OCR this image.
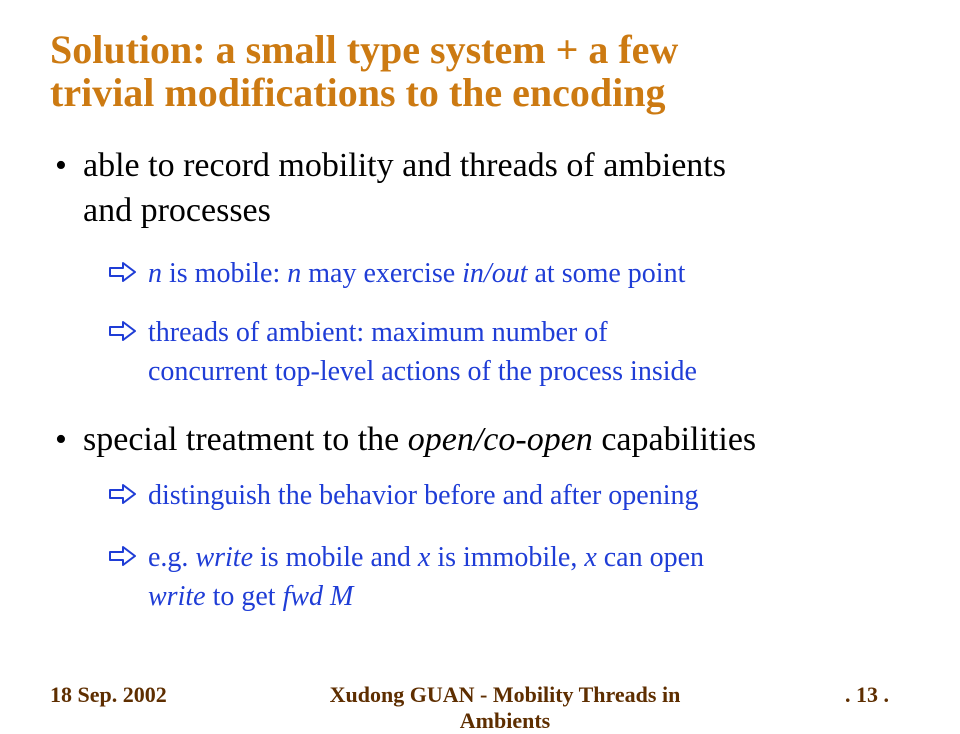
Solution: a small type system + a few
trivial modifications to the encoding
• able to record mobility and threads of ambients
and processes
n is mobile: n may exercise in/out at some point
threads of ambient: maximum number of
concurrent top-level actions of the process inside
• special treatment to the open/co-open capabilities
distinguish the behavior before and after opening
e.g. write is mobile and x is immobile, x can open
write to get fwd M
18 Sep. 2002	Xudong GUAN - Mobility Threads in
Ambients
. 13 .
